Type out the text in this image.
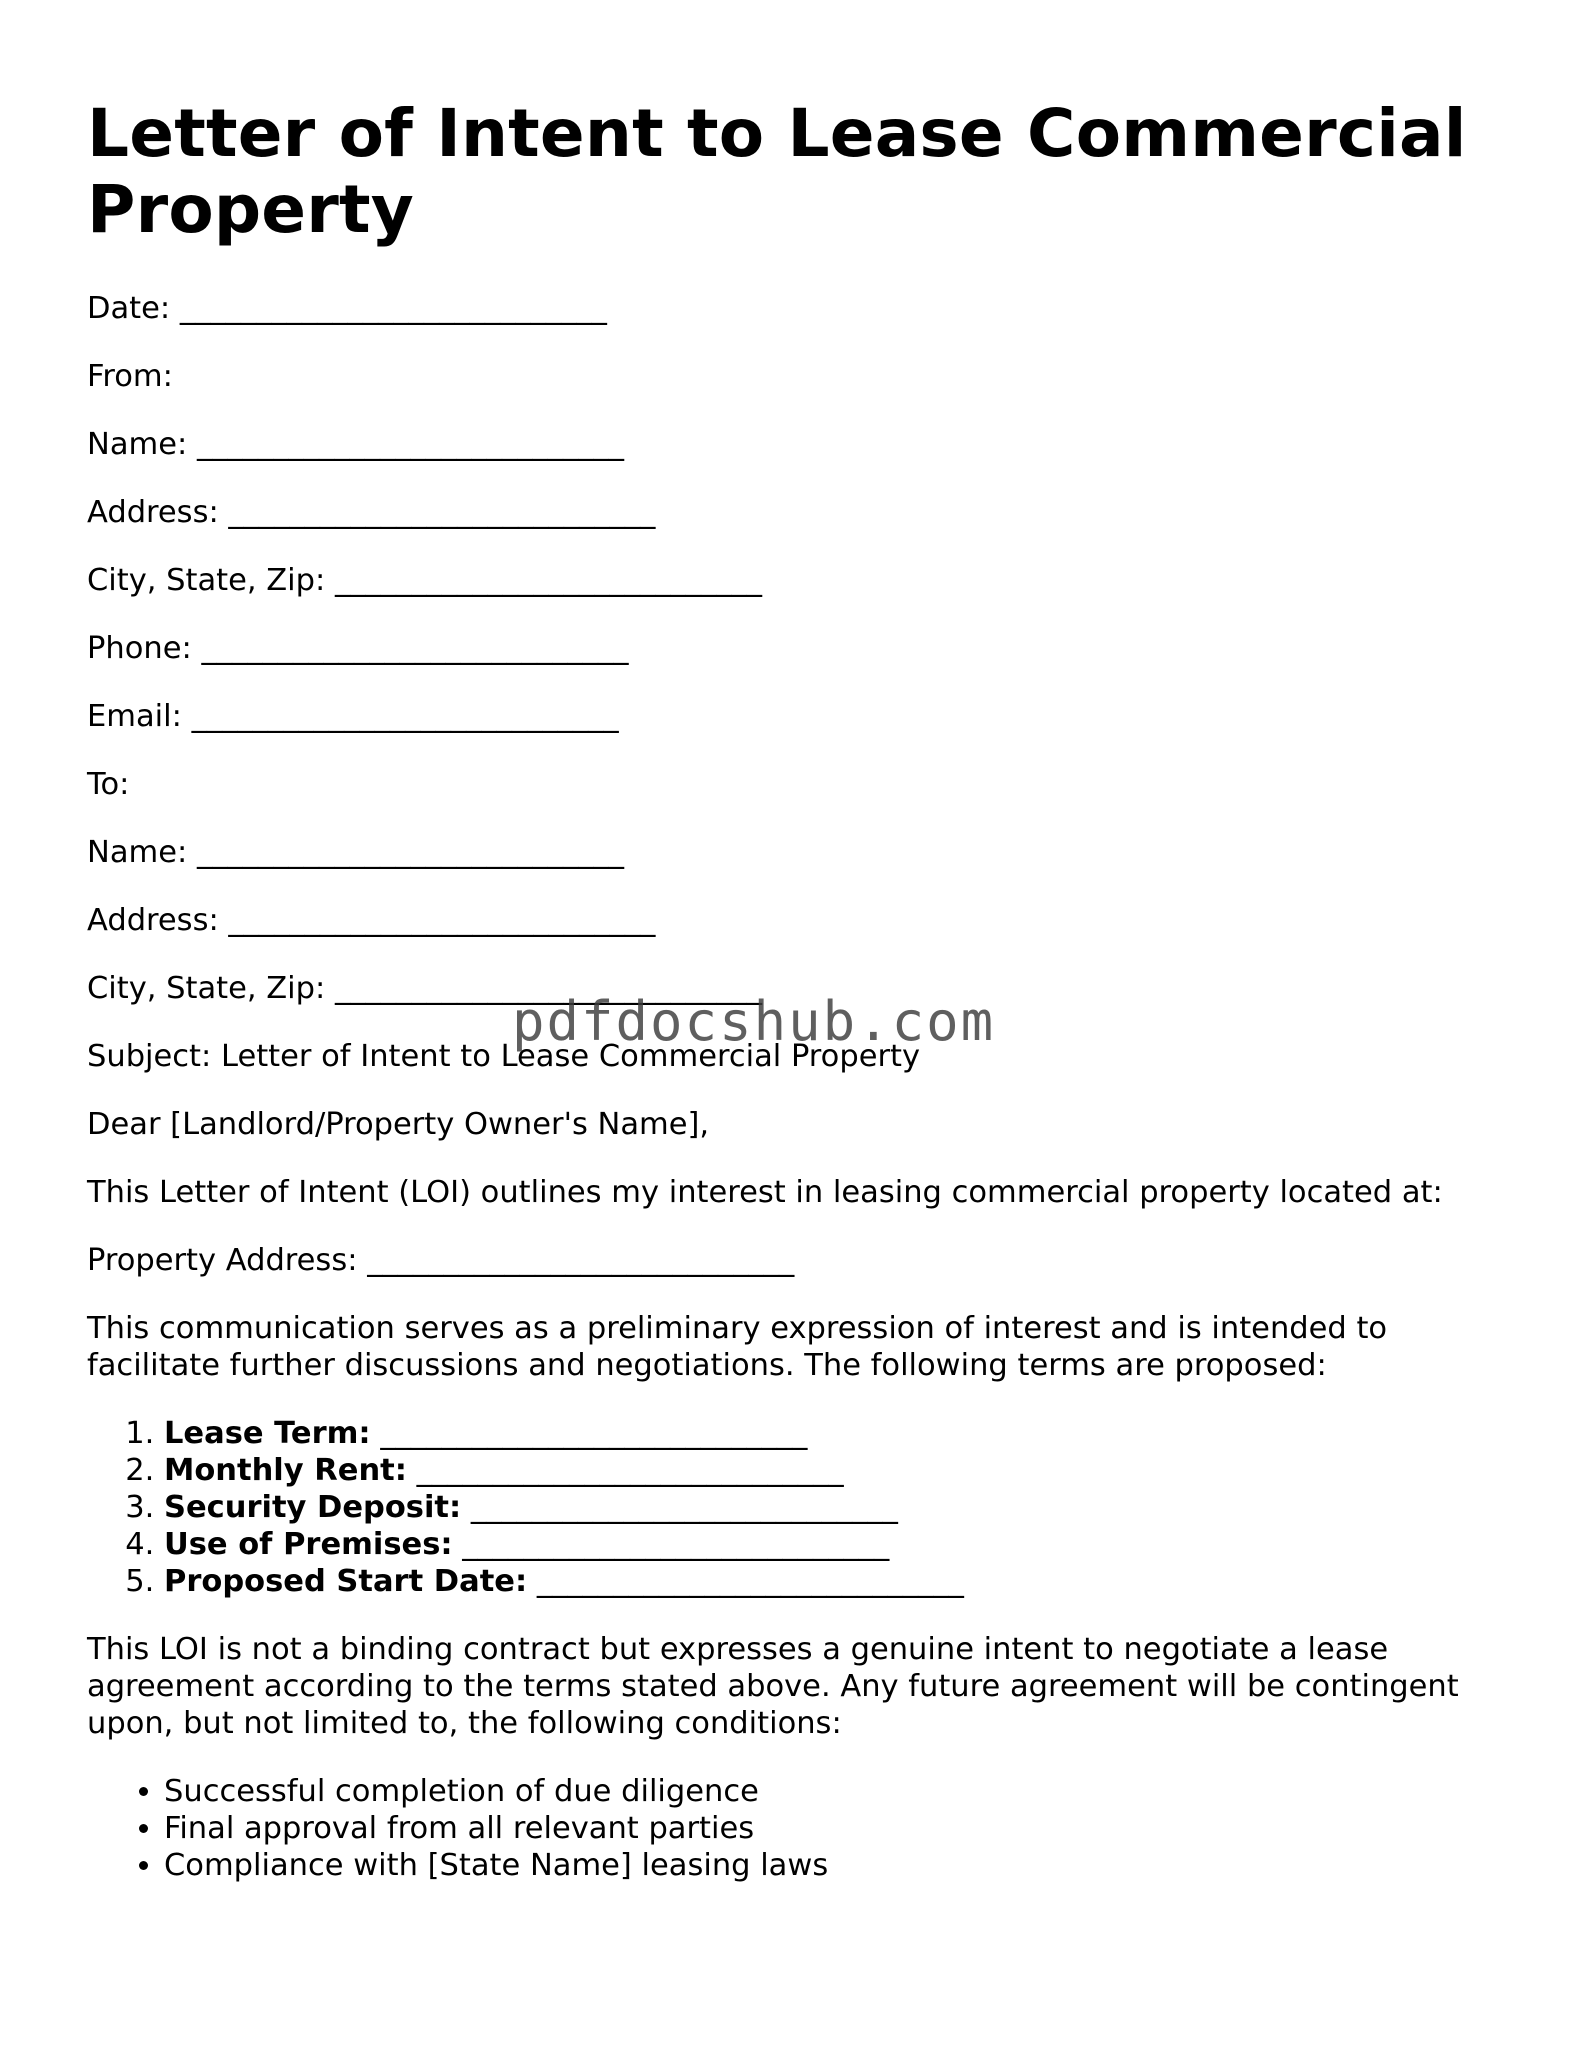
Letter of Intent to Lease Commercial Property

Date: ____________________________

From:

Name: ____________________________

Address: ____________________________

City, State, Zip: ____________________________

Phone: ____________________________

Email: ____________________________

To:

Name: ____________________________

Address: ____________________________

City, State, Zip: ____________________________

Subject: Letter of Intent to Lease Commercial Property

Dear [Landlord/Property Owner's Name],

This Letter of Intent (LOI) outlines my interest in leasing commercial property located at:

Property Address: ____________________________

This communication serves as a preliminary expression of interest and is intended to facilitate further discussions and negotiations. The following terms are proposed:

1. Lease Term: ____________________________
2. Monthly Rent: ____________________________
3. Security Deposit: ____________________________
4. Use of Premises: ____________________________
5. Proposed Start Date: ____________________________

This LOI is not a binding contract but expresses a genuine intent to negotiate a lease agreement according to the terms stated above. Any future agreement will be contingent upon, but not limited to, the following conditions:

• Successful completion of due diligence
• Final approval from all relevant parties
• Compliance with [State Name] leasing laws
pdfdocshub.com
